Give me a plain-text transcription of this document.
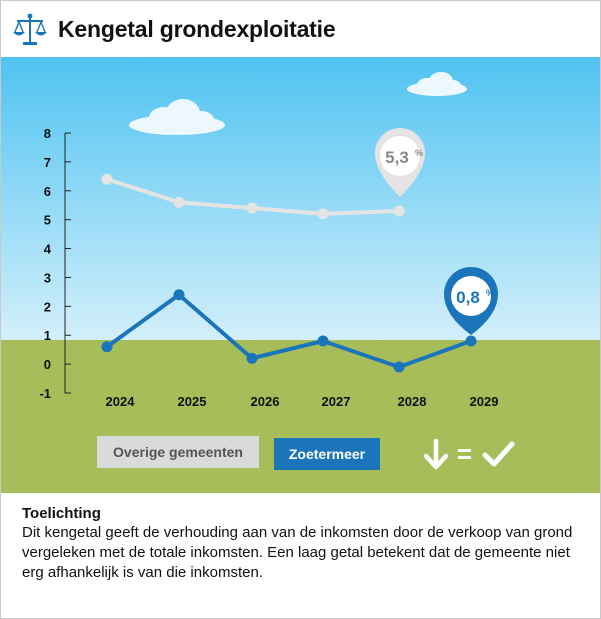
Kengetal grondexploitatie
8
7
6
5
4
3
2
1
0
-1
2024	2025	2026	2027	2028	2029
5,3 %
0,8 %
Overige gemeenten	Zoetermeer
Toelichting
Dit kengetal geeft de verhouding aan van de inkomsten door de verkoop van grond vergeleken met de totale inkomsten. Een laag getal betekent dat de gemeente niet erg afhankelijk is van die inkomsten.
